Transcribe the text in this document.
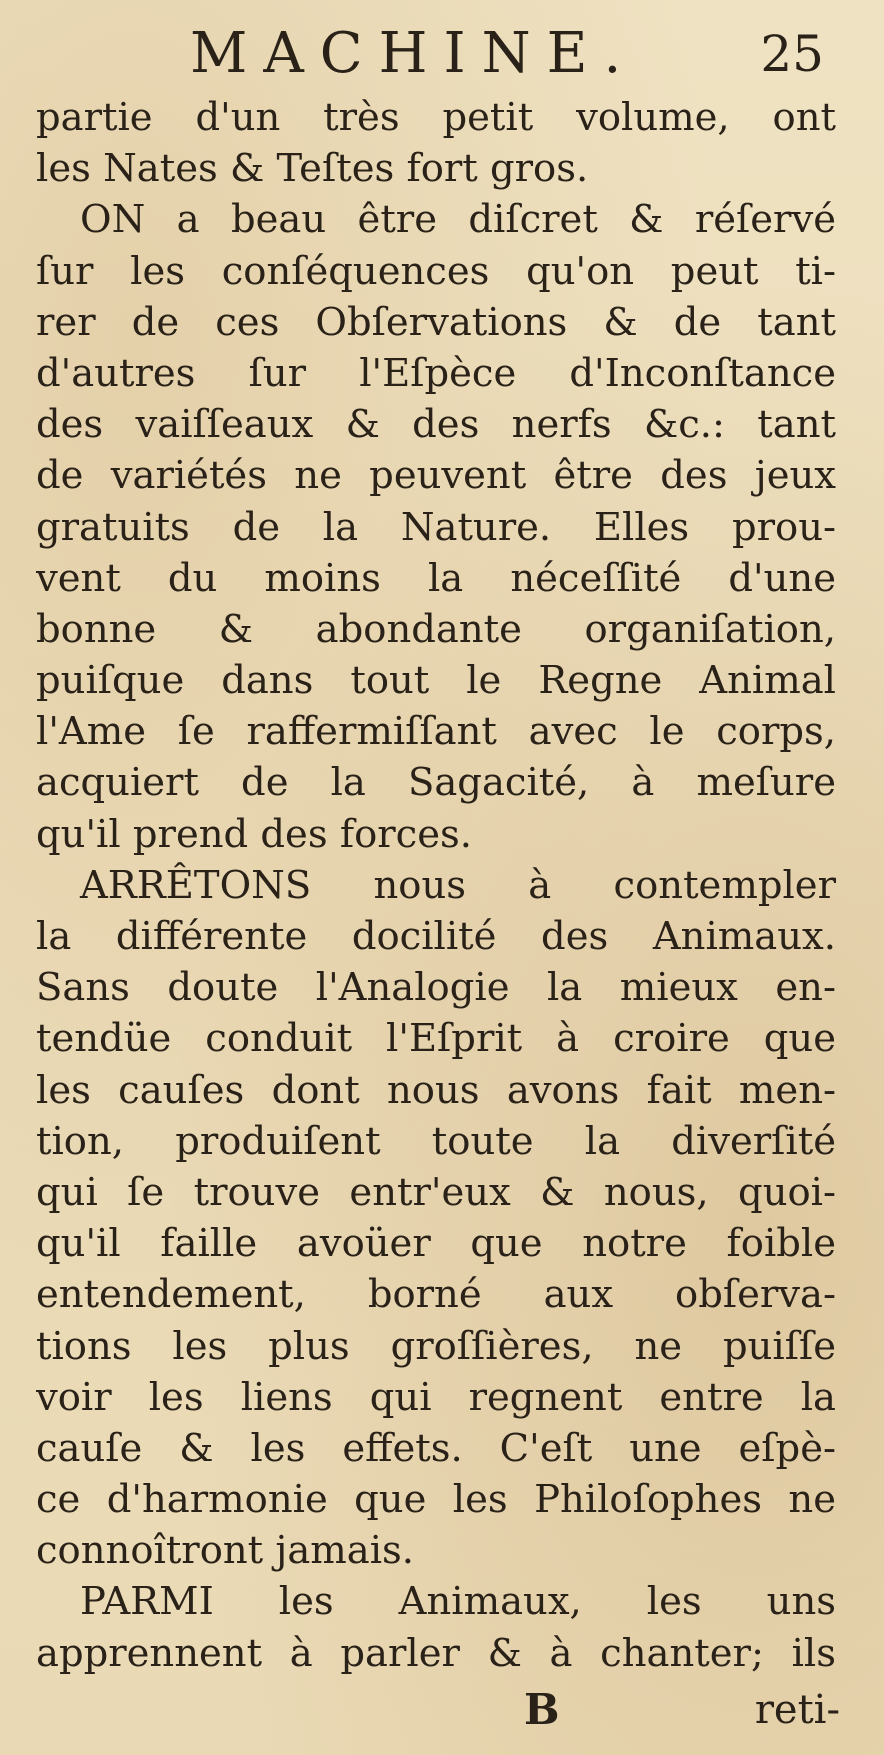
MACHINE. 25
partie d'un très petit volume, ont
les Nates & Teſtes fort gros.
ON a beau être diſcret & réſervé
ſur les conſéquences qu'on peut ti-
rer de ces Obſervations & de tant
d'autres ſur l'Eſpèce d'Inconſtance
des vaiſſeaux & des nerfs &c.: tant
de variétés ne peuvent être des jeux
gratuits de la Nature. Elles prou-
vent du moins la néceſſité d'une
bonne & abondante organiſation,
puiſque dans tout le Regne Animal
l'Ame ſe raffermiſſant avec le corps,
acquiert de la Sagacité, à meſure
qu'il prend des forces.
ARRÊTONS nous à contempler
la différente docilité des Animaux.
Sans doute l'Analogie la mieux en-
tendüe conduit l'Eſprit à croire que
les cauſes dont nous avons fait men-
tion, produiſent toute la diverſité
qui ſe trouve entr'eux & nous, quoi-
qu'il faille avoüer que notre foible
entendement, borné aux obſerva-
tions les plus groſſières, ne puiſſe
voir les liens qui regnent entre la
cauſe & les effets. C'eſt une eſpè-
ce d'harmonie que les Philoſophes ne
connoîtront jamais.
PARMI les Animaux, les uns
apprennent à parler & à chanter; ils
B	reti-
